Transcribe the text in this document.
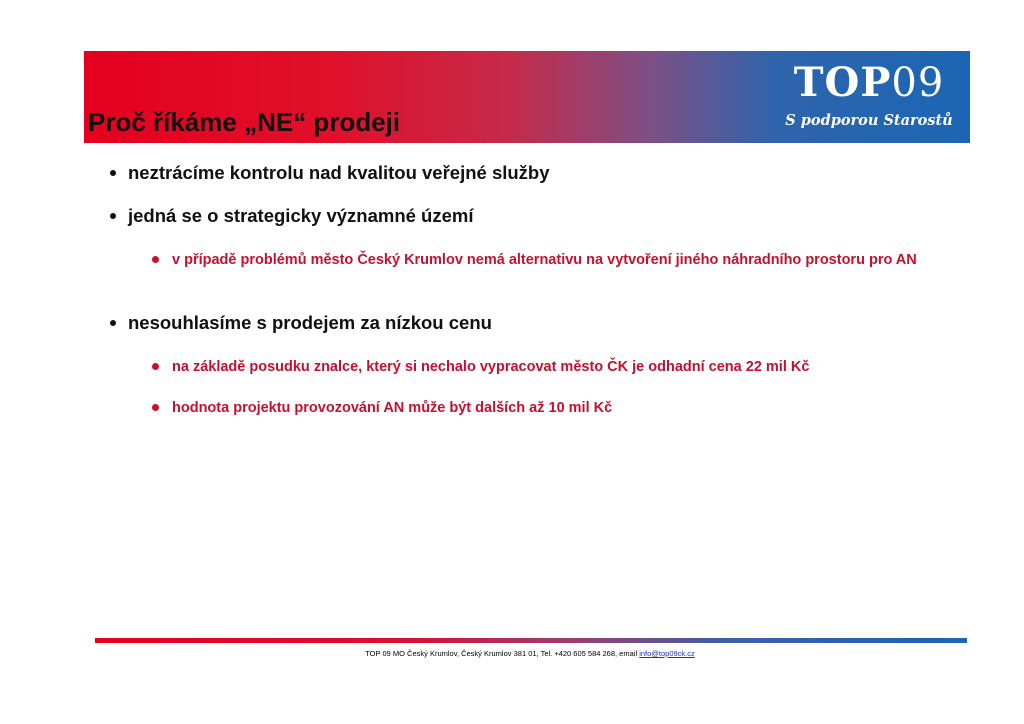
TOP09
S podporou Starostů
Proč říkáme „NE“ prodeji
neztrácíme kontrolu nad kvalitou veřejné služby
jedná se o strategicky významné území
v případě problémů město Český Krumlov nemá alternativu na vytvoření jiného náhradního prostoru pro AN
nesouhlasíme s prodejem za nízkou cenu
na základě posudku znalce, který si nechalo vypracovat město ČK je odhadní cena 22 mil Kč
hodnota projektu provozování AN může být dalších až 10 mil Kč
TOP 09 MO Český Krumlov, Český Krumlov 381 01, Tel. +420 605 584 268, email info@top09ck.cz
